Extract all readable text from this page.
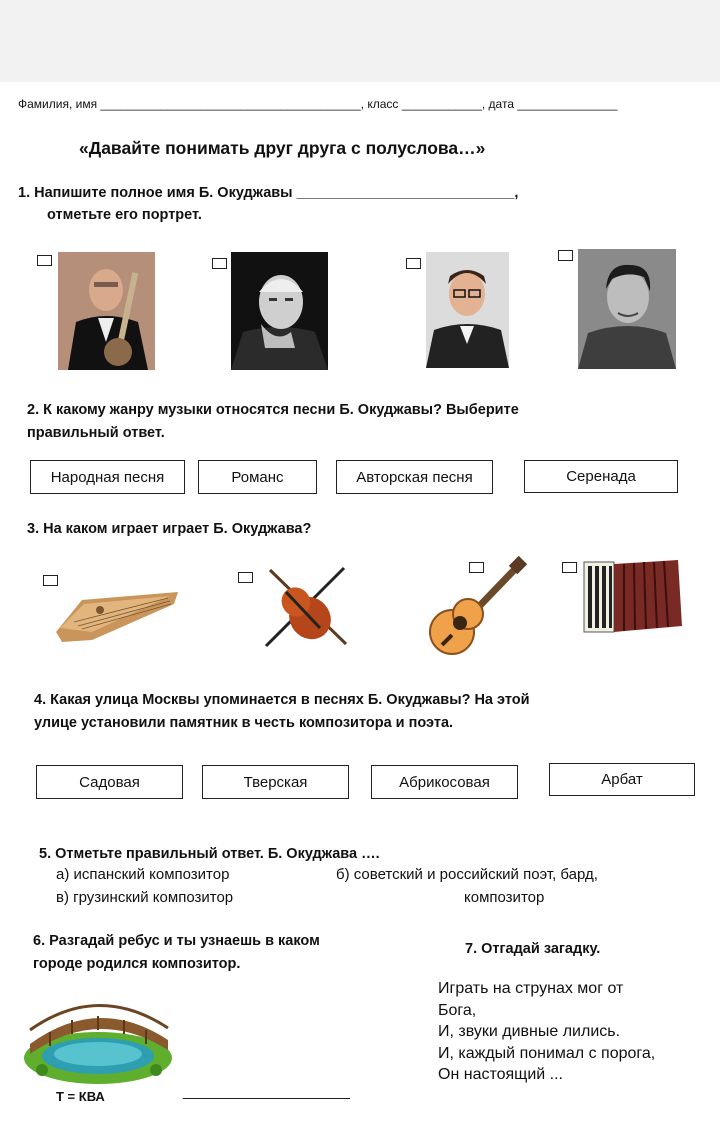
Фамилия, имя _______________________________________, класс ____________, дата _______________
«Давайте понимать друг друга с полуслова…»
1. Напишите полное имя Б. Окуджавы ___________________________,
отметьте его портрет.
2. К какому жанру музыки относятся песни Б. Окуджавы? Выберите
правильный ответ.
Народная песня	Романс	Авторская песня	Серенада
3. На каком играет играет Б. Окуджава?
4. Какая улица Москвы упоминается в песнях Б. Окуджавы? На этой
улице установили памятник в честь композитора и поэта.
Садовая	Тверская	Абрикосовая	Арбат
5. Отметьте правильный ответ. Б. Окуджава ….
а) испанский композитор	б) советский и российский поэт, бард,
в) грузинский композитор	композитор
6. Разгадай ребус и ты узнаешь в каком
городе родился композитор.
Т = КВА	____________________
7. Отгадай загадку.
Играть на струнах мог от
Бога,
И, звуки дивные лились.
И, каждый понимал с порога,
Он настоящий ...
